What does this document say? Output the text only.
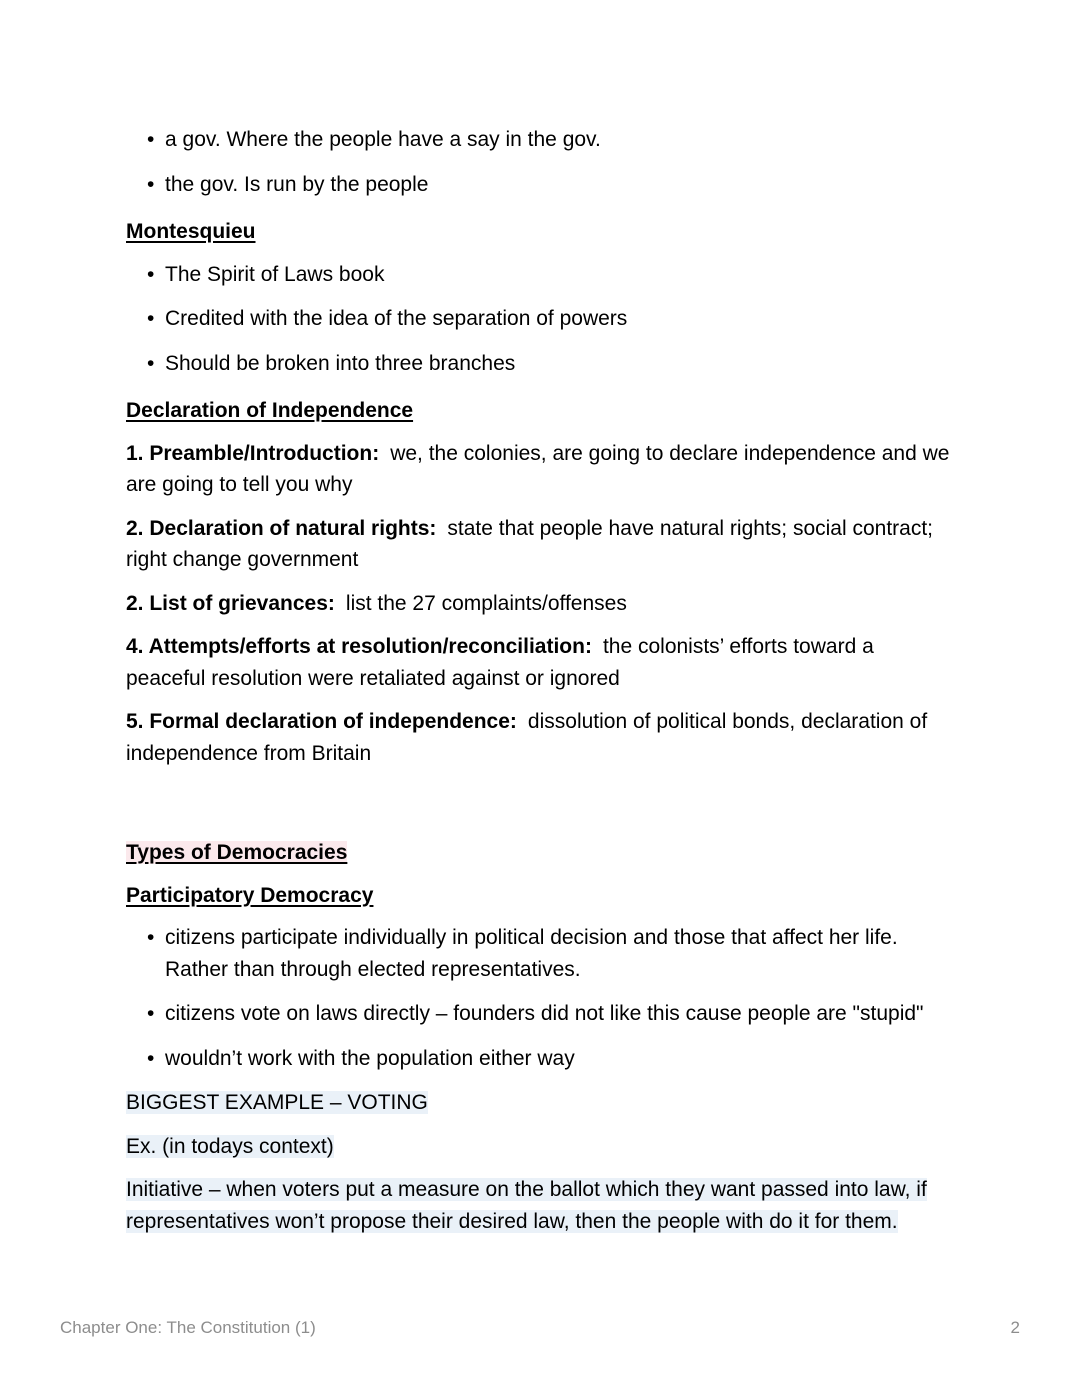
• a gov. Where the people have a say in the gov.
• the gov. Is run by the people
Montesquieu
• The Spirit of Laws book
• Credited with the idea of the separation of powers
• Should be broken into three branches
Declaration of Independence

1. Preamble/Introduction: we, the colonies, are going to declare independence and we are going to tell you why

2. Declaration of natural rights: state that people have natural rights; social contract; right change government

2. List of grievances: list the 27 complaints/offenses

4. Attempts/efforts at resolution/reconciliation: the colonists’ efforts toward a peaceful resolution were retaliated against or ignored

5. Formal declaration of independence: dissolution of political bonds, declaration of independence from Britain

Types of Democracies
Participatory Democracy
• citizens participate individually in political decision and those that affect her life. Rather than through elected representatives.
• citizens vote on laws directly – founders did not like this cause people are "stupid"
• wouldn’t work with the population either way

BIGGEST EXAMPLE – VOTING

Ex. (in todays context)

Initiative – when voters put a measure on the ballot which they want passed into law, if representatives won’t propose their desired law, then the people with do it for them.

Chapter One: The Constitution (1)	2
